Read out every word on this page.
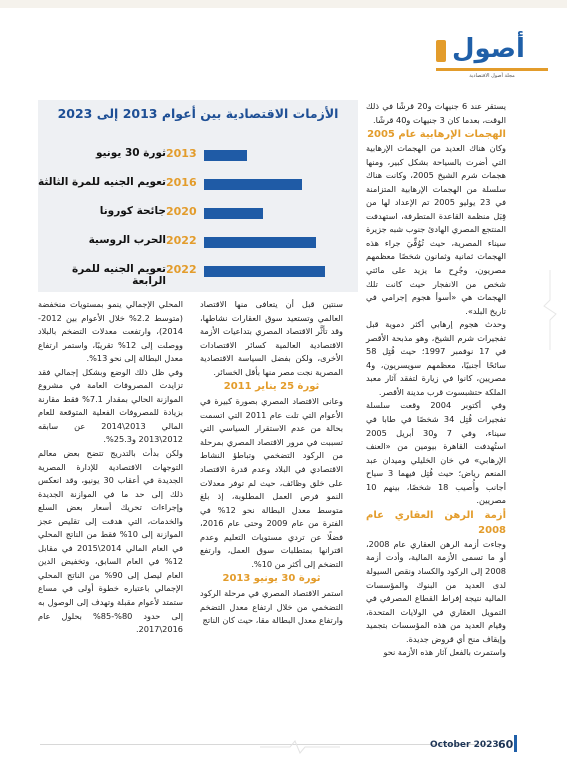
أصول
مجلة أصول الاقتصادية
الأزمات الاقتصادية بين أعوام 2013 إلى 2023
ثورة 30 يونيو 2013
تعويم الجنيه للمرة الثالثة 2016
جائحة كورونا 2020
الحرب الروسية 2022
تعويم الجنيه للمرة الرابعة
2022

يستقر عند 6 جنيهات و20 قرشًا في ذلك الوقت، بعدما كان 3 جنيهات و40 قرشًا.

الهجمات الإرهابية عام 2005

وكان هناك العديد من الهجمات الإرهابية التي أضرت بالسياحة بشكل كبير، ومنها هجمات شرم الشيخ 2005، وكانت هناك سلسلة من الهجمات الإرهابية المتزامنة في 23 يوليو 2005 تم الإعداد لها من قِبَل منظمة القاعدة المتطرفة، استهدفت المنتجع المصري الهادئ جنوب شبه جزيرة سيناء المصرية، حيث تُوُفِّيَ جراء هذه الهجمات ثمانية وثمانون شخصًا معظمهم مصريون، وجُرِح ما يزيد على مائتي شخص من الانفجار حيث كانت تلك الهجمات هي «أسوأ هجوم إجرامي في تاريخ البلد».

وحدث هجوم إرهابي أكثر دموية قبل تفجيرات شرم الشيخ، وهو مذبحة الأقصر في 17 نوفمبر 1997؛ حيث قُتِل 58 سائحًا أجنبيًا، معظمهم سويسريون، و4 مصريين، كانوا في زيارة لتفقد آثار معبد الملكة حتشبسوت قرب مدينة الأقصر.

وفي أكتوبر 2004 وقعت سلسلة تفجيرات قُتِل 34 شخصًا في طابا في سيناء، وفي 7 و30 أبريل 2005 استُهدفت القاهرة بيومين من «العنف الإرهابي» في خان الخليلي وميدان عبد المنعم رياض؛ حيث قُتِل فيهما 3 سياح أجانب وأُصيب 18 شخصًا، بينهم 10 مصريين.

أزمة الرهن العقاري عام 2008

وجاءت أزمة الرهن العقاري عام 2008، أو ما تسمى الأزمة المالية، وأدت أزمة 2008 إلى الركود والكساد ونقص السيولة لدى العديد من البنوك والمؤسسات المالية نتيجة إفراط القطاع المصرفي في التمويل العقاري في الولايات المتحدة، وقيام العديد من هذه المؤسسات بتجميد وإيقاف منح أي قروض جديدة.

واستمرت بالفعل آثار هذه الأزمة نحو

سنتين قبل أن يتعافى منها الاقتصاد العالمي وتستعيد سوق العقارات نشاطها، وقد تأثَّر الاقتصاد المصري بتداعيات الأزمة الاقتصادية العالمية كسائر الاقتصادات الأخرى، ولكن بفضل السياسة الاقتصادية المصرية نجت مصر منها بأقل الخسائر.

ثورة 25 يناير 2011

وعانى الاقتصاد المصري بصورة كبيرة في الأعوام التي تلت عام 2011 التي اتسمت بحالة من عدم الاستقرار السياسي التي تسببت في مرور الاقتصاد المصري بمرحلة من الركود التضخمي وتباطؤ النشاط الاقتصادي في البلاد وعدم قدرة الاقتصاد على خلق وظائف، حيث لم توفر معدلات النمو فرص العمل المطلوبة، إذ بلغ متوسط معدل البطالة نحو 12% في الفترة من عام 2009 وحتى عام 2016، فضلًا عن تردي مستويات التعليم وعدم اقترانها بمتطلبات سوق العمل، وارتفع التضخم إلى أكثر من 10%.

ثورة 30 يونيو 2013

استمر الاقتصاد المصري في مرحلة الركود التضخمي من خلال ارتفاع معدل التضخم وارتفاع معدل البطالة مقا، حيث كان الناتج

المحلي الإجمالي ينمو بمستويات منخفضة (متوسط 2.2% خلال الأعوام بين 2012-2014)، وارتفعت معدلات التضخم بالبلاد ووصلت إلى 12% تقريبًا، واستمر ارتفاع معدل البطالة إلى نحو 13%.

وفي ظل ذلك الوضع وبشكل إجمالي فقد تزايدت المصروفات العامة في مشروع الموازنة الحالي بمقدار 7.1% فقط مقارنة بزيادة للمصروفات الفعلية المتوقعة للعام المالي 2013\2014 عن سابقه 2012\2013 و25.3%.

ولكن بدأت بالتدريج تتضح بعض معالم التوجهات الاقتصادية للإدارة المصرية الجديدة في أعقاب 30 يونيو، وقد انعكس ذلك إلى حد ما في الموازنة الجديدة وإجراءات تحريك أسعار بعض السلع والخدمات، التي هدفت إلى تقليص عجز الموازنة إلى 10% فقط من الناتج المحلي في العام المالي 2014\2015 في مقابل 12% في العام السابق، وتخفيض الدين العام ليصل إلى 90% من الناتج المحلي الإجمالي باعتباره خطوة أولى في مساع ستمتد لأعوام مقبلة وتهدف إلى الوصول به إلى حدود 80%-85% بحلول عام 2016\2017.

October 2023 60
